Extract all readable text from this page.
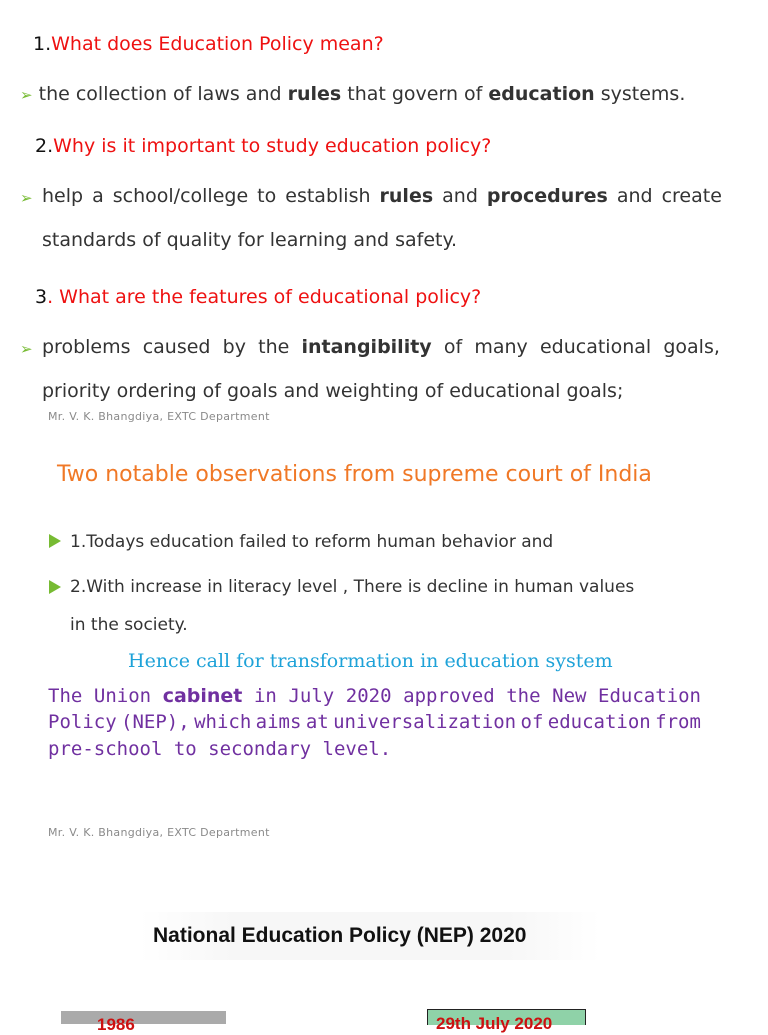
1.What does Education Policy mean?
➢ the collection of laws and rules that govern of education systems.
2.Why is it important to study education policy?
➢ help a school/college to establish rules and procedures and create
standards of quality for learning and safety.
3. What are the features of educational policy?
➢ problems caused by the intangibility of many educational goals,
priority ordering of goals and weighting of educational goals;
Mr. V. K. Bhangdiya, EXTC Department
Two notable observations from supreme court of India
1.Todays education failed to reform human behavior and
2.With increase in literacy level , There is decline in human values
in the society.
Hence call for transformation in education system
The Union cabinet in July 2020 approved the New Education
Policy (NEP), which aims at universalization of education from
pre-school to secondary level.
Mr. V. K. Bhangdiya, EXTC Department
National Education Policy (NEP) 2020
1986	29th July 2020
